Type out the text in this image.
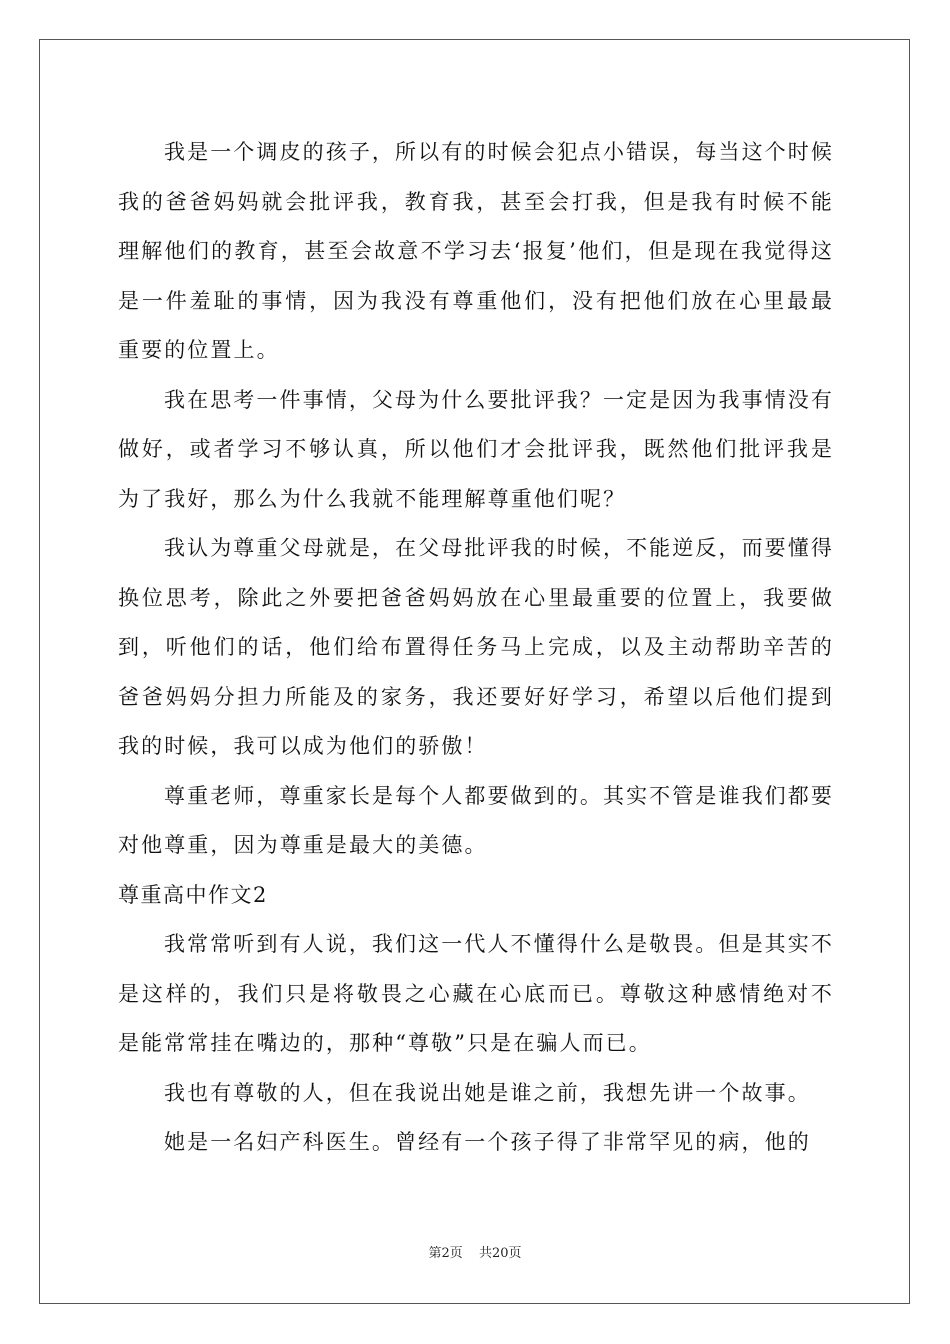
我是一个调皮的孩子，所以有的时候会犯点小错误，每当这个时候我的爸爸妈妈就会批评我，教育我，甚至会打我，但是我有时候不能理解他们的教育，甚至会故意不学习去‘报复’他们，但是现在我觉得这是一件羞耻的事情，因为我没有尊重他们，没有把他们放在心里最最重要的位置上。

我在思考一件事情，父母为什么要批评我？一定是因为我事情没有做好，或者学习不够认真，所以他们才会批评我，既然他们批评我是为了我好，那么为什么我就不能理解尊重他们呢？

我认为尊重父母就是，在父母批评我的时候，不能逆反，而要懂得换位思考，除此之外要把爸爸妈妈放在心里最重要的位置上，我要做到，听他们的话，他们给布置得任务马上完成，以及主动帮助辛苦的爸爸妈妈分担力所能及的家务，我还要好好学习，希望以后他们提到我的时候，我可以成为他们的骄傲！

尊重老师，尊重家长是每个人都要做到的。其实不管是谁我们都要对他尊重，因为尊重是最大的美德。

尊重高中作文2

我常常听到有人说，我们这一代人不懂得什么是敬畏。但是其实不是这样的，我们只是将敬畏之心藏在心底而已。尊敬这种感情绝对不是能常常挂在嘴边的，那种“尊敬”只是在骗人而已。

我也有尊敬的人，但在我说出她是谁之前，我想先讲一个故事。

她是一名妇产科医生。曾经有一个孩子得了非常罕见的病，他的

第2页 共20页
